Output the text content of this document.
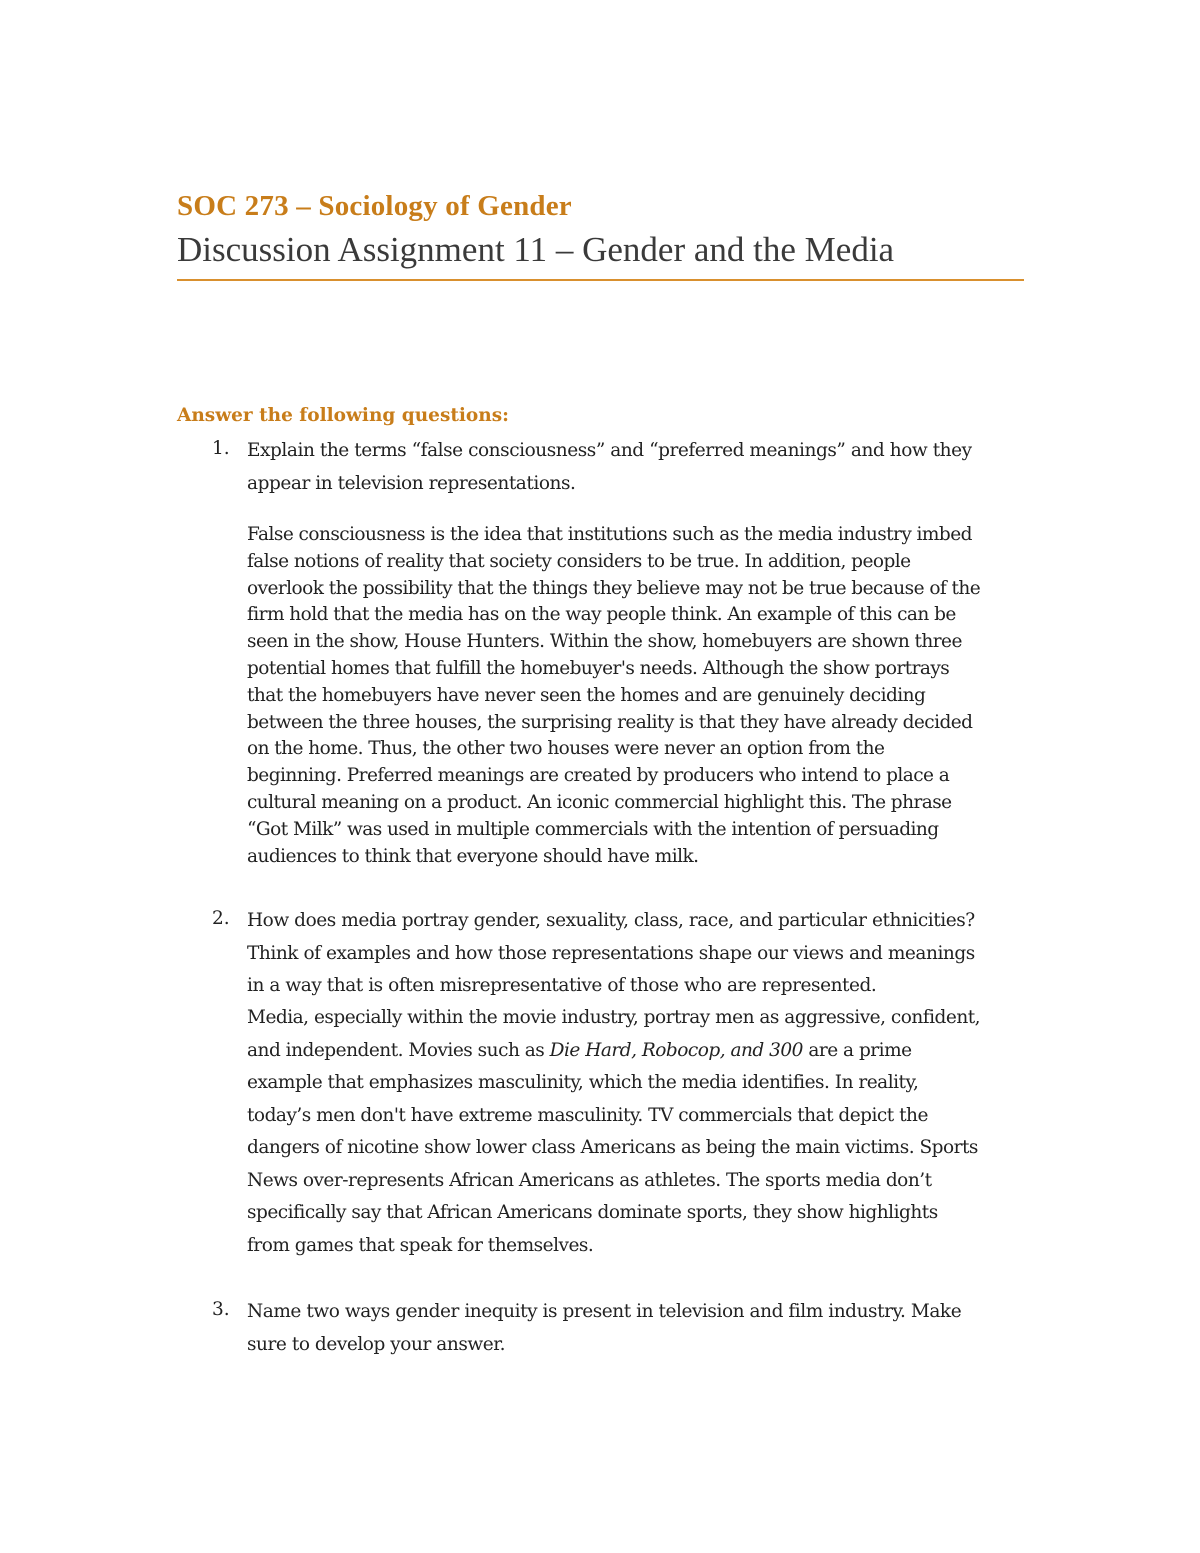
SOC 273 – Sociology of Gender
Discussion Assignment 11 – Gender and the Media
Answer the following questions:
1. Explain the terms “false consciousness” and “preferred meanings” and how they
appear in television representations.
False consciousness is the idea that institutions such as the media industry imbed
false notions of reality that society considers to be true. In addition, people
overlook the possibility that the things they believe may not be true because of the
firm hold that the media has on the way people think. An example of this can be
seen in the show, House Hunters. Within the show, homebuyers are shown three
potential homes that fulfill the homebuyer's needs. Although the show portrays
that the homebuyers have never seen the homes and are genuinely deciding
between the three houses, the surprising reality is that they have already decided
on the home. Thus, the other two houses were never an option from the
beginning. Preferred meanings are created by producers who intend to place a
cultural meaning on a product. An iconic commercial highlight this. The phrase
“Got Milk” was used in multiple commercials with the intention of persuading
audiences to think that everyone should have milk.
2. How does media portray gender, sexuality, class, race, and particular ethnicities?
Think of examples and how those representations shape our views and meanings
in a way that is often misrepresentative of those who are represented.
Media, especially within the movie industry, portray men as aggressive, confident,
and independent. Movies such as Die Hard, Robocop, and 300 are a prime
example that emphasizes masculinity, which the media identifies. In reality,
today’s men don't have extreme masculinity. TV commercials that depict the
dangers of nicotine show lower class Americans as being the main victims. Sports
News over-represents African Americans as athletes. The sports media don’t
specifically say that African Americans dominate sports, they show highlights
from games that speak for themselves.
3. Name two ways gender inequity is present in television and film industry. Make
sure to develop your answer.
